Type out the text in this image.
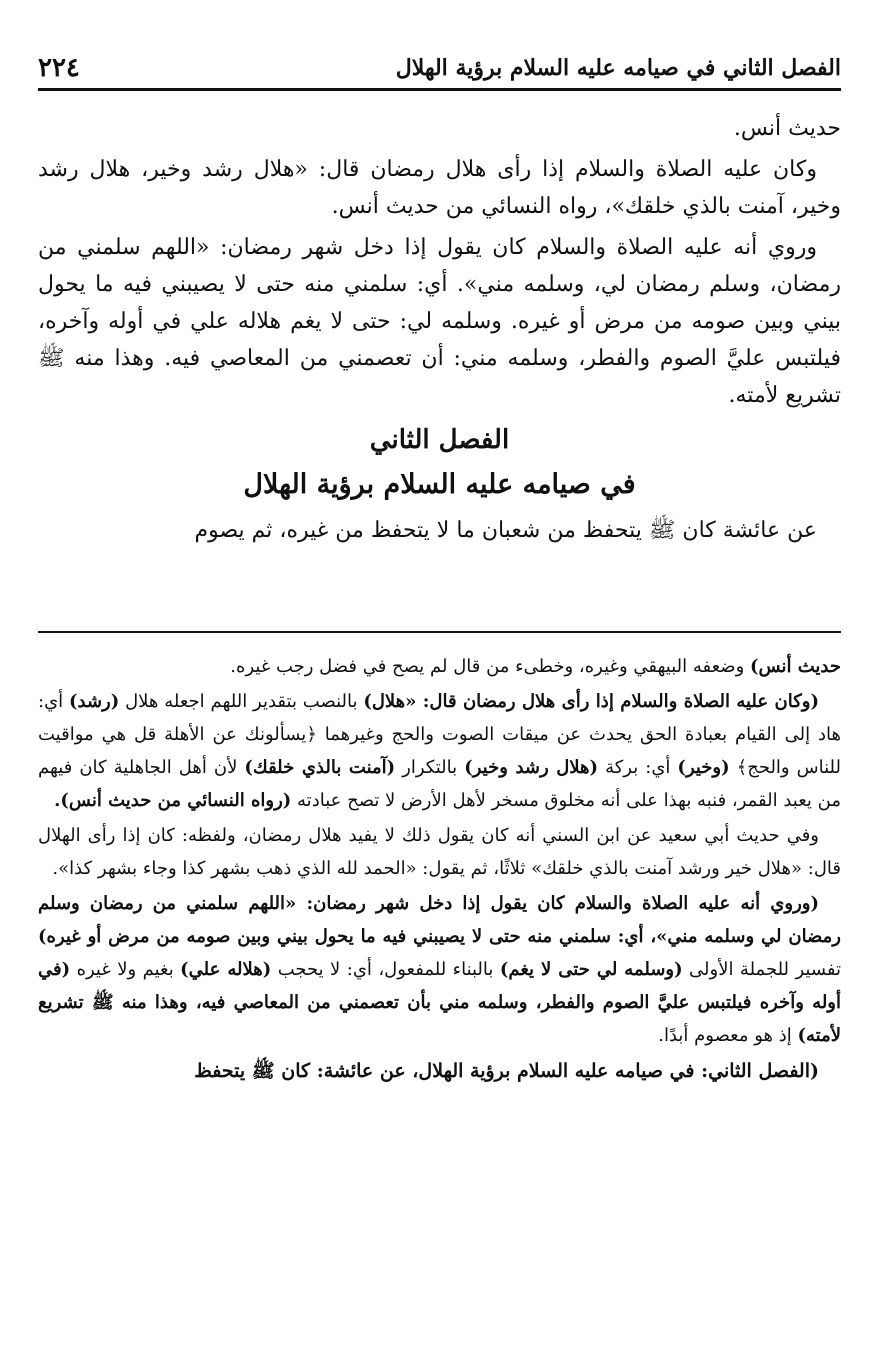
الفصل الثاني في صيامه عليه السلام برؤية الهلال
٢٢٤

حديث أنس.

وكان عليه الصلاة والسلام إذا رأى هلال رمضان قال: «هلال رشد وخير، هلال رشد وخير، آمنت بالذي خلقك»، رواه النسائي من حديث أنس.

وروي أنه عليه الصلاة والسلام كان يقول إذا دخل شهر رمضان: «اللهم سلمني من رمضان، وسلم رمضان لي، وسلمه مني». أي: سلمني منه حتى لا يصيبني فيه ما يحول بيني وبين صومه من مرض أو غيره. وسلمه لي: حتى لا يغم هلاله علي في أوله وآخره، فيلتبس عليَّ الصوم والفطر، وسلمه مني: أن تعصمني من المعاصي فيه. وهذا منه ﷺ تشريع لأمته.

الفصل الثاني
في صيامه عليه السلام برؤية الهلال

عن عائشة كان ﷺ يتحفظ من شعبان ما لا يتحفظ من غيره، ثم يصوم

حديث أنس) وضعفه البيهقي وغيره، وخطىء من قال لم يصح في فضل رجب غيره.

(وكان عليه الصلاة والسلام إذا رأى هلال رمضان قال: «هلال) بالنصب بتقدير اللهم اجعله هلال (رشد) أي: هاد إلى القيام بعبادة الحق يحدث عن ميقات الصوت والحج وغيرهما ﴿يسألونك عن الأهلة قل هي مواقيت للناس والحج﴾ (وخير) أي: بركة (هلال رشد وخير) بالتكرار (آمنت بالذي خلقك) لأن أهل الجاهلية كان فيهم من يعبد القمر، فنبه بهذا على أنه مخلوق مسخر لأهل الأرض لا تصح عبادته (رواه النسائي من حديث أنس).

وفي حديث أبي سعيد عن ابن السني أنه كان يقول ذلك لا يفيد هلال رمضان، ولفظه: كان إذا رأى الهلال قال: «هلال خير ورشد آمنت بالذي خلقك» ثلاثًا، ثم يقول: «الحمد لله الذي ذهب بشهر كذا وجاء بشهر كذا».

(وروي أنه عليه الصلاة والسلام كان يقول إذا دخل شهر رمضان: «اللهم سلمني من رمضان وسلم رمضان لي وسلمه مني»، أي: سلمني منه حتى لا يصيبني فيه ما يحول بيني وبين صومه من مرض أو غيره) تفسير للجملة الأولى (وسلمه لي حتى لا يغم) بالبناء للمفعول، أي: لا يحجب (هلاله علي) بغيم ولا غيره (في أوله وآخره فيلتبس عليَّ الصوم والفطر، وسلمه مني بأن تعصمني من المعاصي فيه، وهذا منه ﷺ تشريع لأمته) إذ هو معصوم أبدًا.

(الفصل الثاني: في صيامه عليه السلام برؤية الهلال، عن عائشة: كان ﷺ يتحفظ
